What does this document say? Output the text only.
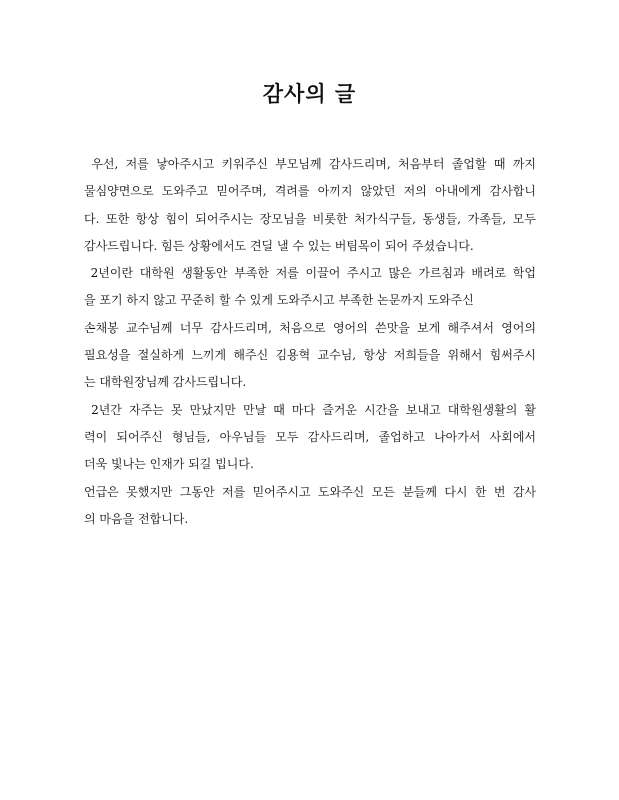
감사의 글
우선, 저를 낳아주시고 키워주신 부모님께 감사드리며, 처음부터 졸업할 때 까지
물심양면으로 도와주고 믿어주며, 격려를 아끼지 않았던 저의 아내에게 감사합니
다. 또한 항상 힘이 되어주시는 장모님을 비롯한 처가식구들, 동생들, 가족들, 모두
감사드립니다. 힘든 상황에서도 견딜 낼 수 있는 버팀목이 되어 주셨습니다.
2년이란 대학원 생활동안 부족한 저를 이끌어 주시고 많은 가르침과 배려로 학업
을 포기 하지 않고 꾸준히 할 수 있게 도와주시고 부족한 논문까지 도와주신
손채봉 교수님께 너무 감사드리며, 처음으로 영어의 쓴맛을 보게 해주셔서 영어의
필요성을 절실하게 느끼게 해주신 김용혁 교수님, 항상 저희들을 위해서 힘써주시
는 대학원장님께 감사드립니다.
2년간 자주는 못 만났지만 만날 때 마다 즐거운 시간을 보내고 대학원생활의 활
력이 되어주신 형님들, 아우님들 모두 감사드리며, 졸업하고 나아가서 사회에서
더욱 빛나는 인재가 되길 빕니다.
언급은 못했지만 그동안 저를 믿어주시고 도와주신 모든 분들께 다시 한 번 감사
의 마음을 전합니다.
